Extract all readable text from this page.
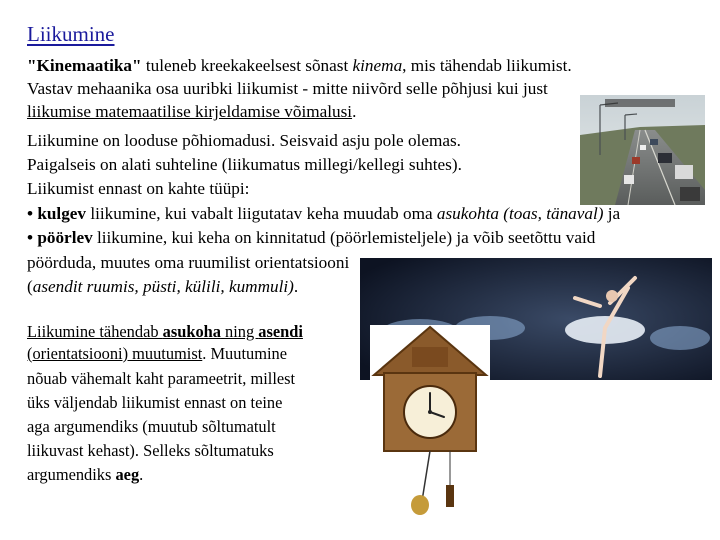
Liikumine
"Kinemaatika" tuleneb kreekakeelsest sõnast kinema, mis tähendab liikumist.
Vastav mehaanika osa uuribki liikumist - mitte niivõrd selle põhjusi kui just
liikumise matemaatilise kirjeldamise võimalusi.
Liikumine on looduse põhiomadusi. Seisvaid asju pole olemas.
Paigalseis on alati suhteline (liikumatus millegi/kellegi suhtes).
Liikumist ennast on kahte tüüpi:
• kulgev liikumine, kui vabalt liigutatav keha muudab oma asukohta (toas, tänaval) ja
• pöörlev liikumine, kui keha on kinnitatud (pöörlemisteljele) ja võib seetõttu vaid
pöörduda, muutes oma ruumilist orientatsiooni
(asendit ruumis, püsti, külili, kummuli).
Liikumine tähendab asukoha ning asendi
(orientatsiooni) muutumist. Muutumine
nõuab vähemalt kaht parameetrit, millest
üks väljendab liikumist ennast on teine
aga argumendiks (muutub sõltumatult
liikuvast kehast). Selleks sõltumatuks
argumendiks aeg.
